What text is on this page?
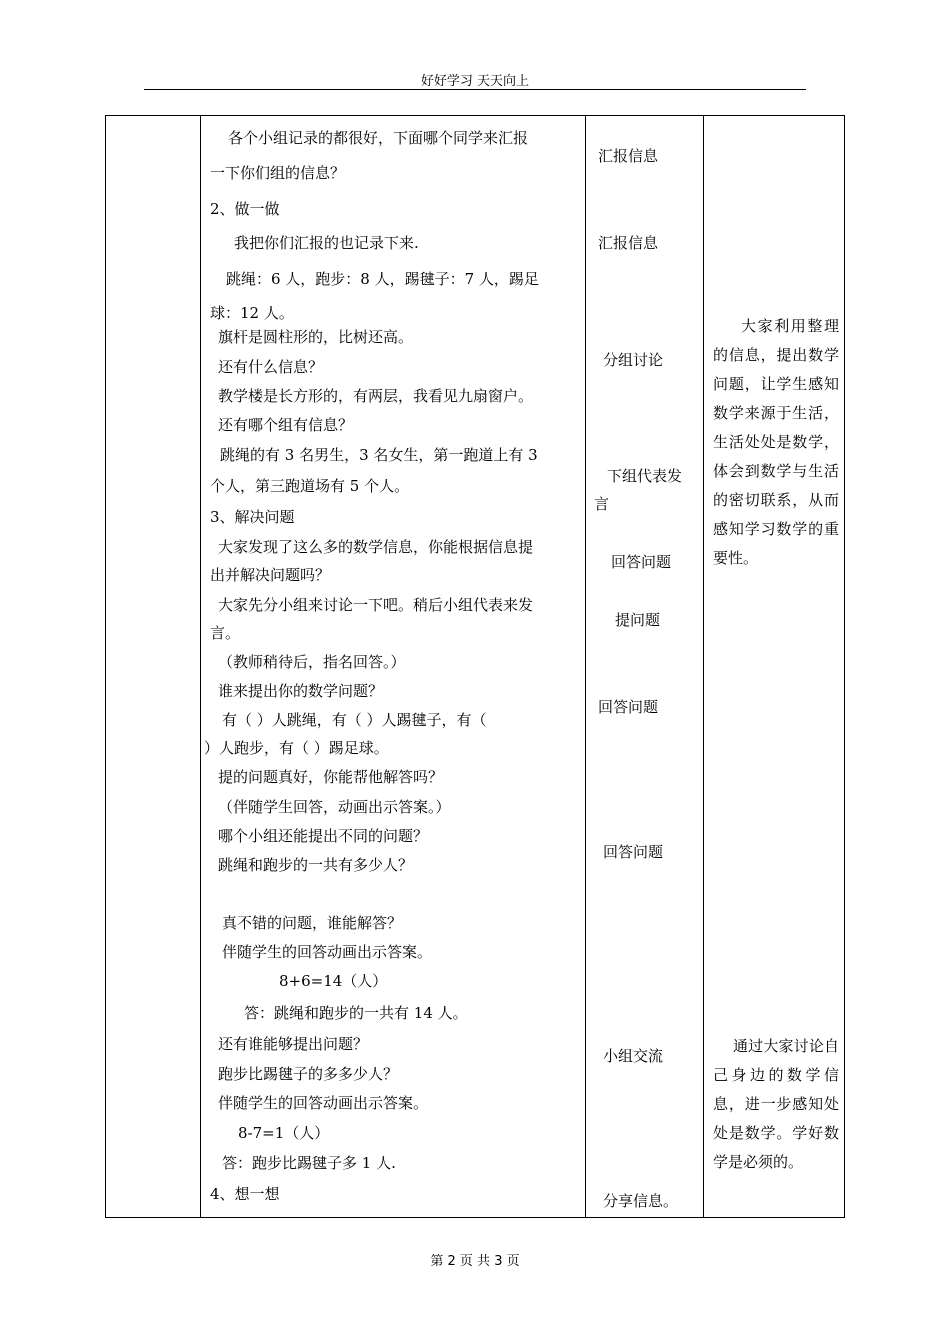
好好学习 天天向上
各个小组记录的都很好，下面哪个同学来汇报
一下你们组的信息？
2、做一做
我把你们汇报的也记录下来.
跳绳：6 人，跑步：8 人，踢毽子：7 人，踢足
球：12 人。
旗杆是圆柱形的，比树还高。
还有什么信息？
教学楼是长方形的，有两层，我看见九扇窗户。
还有哪个组有信息？
跳绳的有 3 名男生，3 名女生，第一跑道上有 3
个人，第三跑道场有 5 个人。
3、解决问题
大家发现了这么多的数学信息，你能根据信息提
出并解决问题吗？
大家先分小组来讨论一下吧。稍后小组代表来发
言。
（教师稍待后，指名回答。）
谁来提出你的数学问题？
有（ ）人跳绳，有（ ）人踢毽子，有（
）人跑步，有（ ）踢足球。
提的问题真好，你能帮他解答吗？
（伴随学生回答，动画出示答案。）
哪个小组还能提出不同的问题？
跳绳和跑步的一共有多少人？
真不错的问题，谁能解答？
伴随学生的回答动画出示答案。
8+6=14（人）
答：跳绳和跑步的一共有 14 人。
还有谁能够提出问题？
跑步比踢毽子的多多少人？
伴随学生的回答动画出示答案。
8-7=1（人）
答：跑步比踢毽子多 1 人.
4、想一想
汇报信息
汇报信息
分组讨论
下组代表发
言
回答问题
提问题
回答问题
回答问题
小组交流
分享信息。
大家利用整理的信息，提出数学问题，让学生感知数学来源于生活，生活处处是数学，体会到数学与生活的密切联系，从而感知学习数学的重要性。
通过大家讨论自己身边的数学信息，进一步感知处处是数学。学好数学是必须的。
第 2 页 共 3 页
